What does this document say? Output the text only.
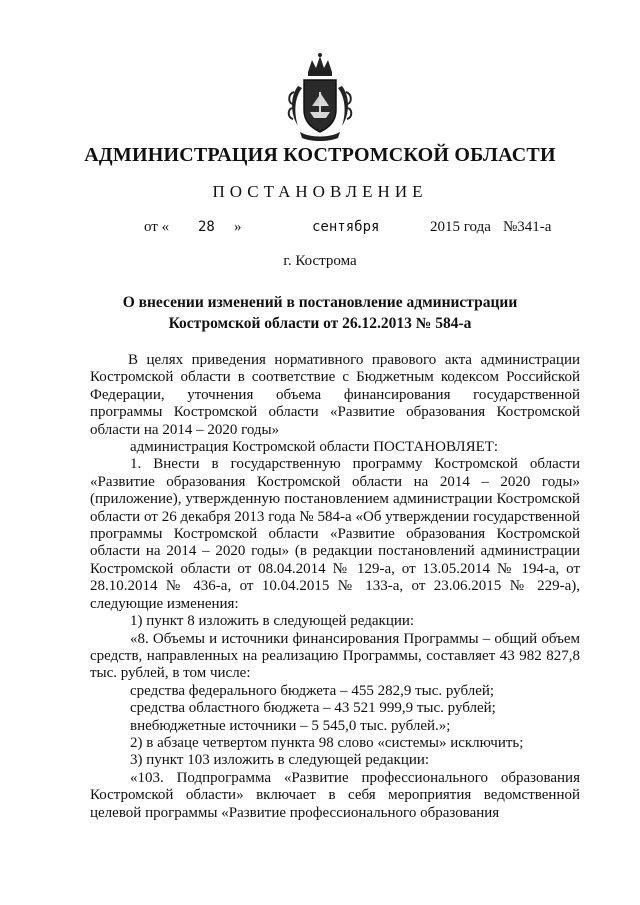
АДМИНИСТРАЦИЯ КОСТРОМСКОЙ ОБЛАСТИ
ПОСТАНОВЛЕНИЕ
от « 28 »	сентября	2015 года №341-а
г. Кострома
О внесении изменений в постановление администрации Костромской области от 26.12.2013 № 584-а

В целях приведения нормативного правового акта администрации Костромской области в соответствие с Бюджетным кодексом Российской Федерации, уточнения объема финансирования государственной программы Костромской области «Развитие образования Костромской области на 2014 – 2020 годы»

администрация Костромской области ПОСТАНОВЛЯЕТ:

1. Внести в государственную программу Костромской области «Развитие образования Костромской области на 2014 – 2020 годы» (приложение), утвержденную постановлением администрации Костромской области от 26 декабря 2013 года № 584-а «Об утверждении государственной программы Костромской области «Развитие образования Костромской области на 2014 – 2020 годы» (в редакции постановлений администрации Костромской области от 08.04.2014 № 129-а, от 13.05.2014 № 194-а, от 28.10.2014 № 436-а, от 10.04.2015 № 133-а, от 23.06.2015 № 229-а), следующие изменения:

1) пункт 8 изложить в следующей редакции:

«8. Объемы и источники финансирования Программы – общий объем средств, направленных на реализацию Программы, составляет 43 982 827,8 тыс. рублей, в том числе:

средства федерального бюджета – 455 282,9 тыс. рублей;

средства областного бюджета – 43 521 999,9 тыс. рублей;

внебюджетные источники – 5 545,0 тыс. рублей.»;

2) в абзаце четвертом пункта 98 слово «системы» исключить;

3) пункт 103 изложить в следующей редакции:

«103. Подпрограмма «Развитие профессионального образования Костромской области» включает в себя мероприятия ведомственной целевой программы «Развитие профессионального образования
